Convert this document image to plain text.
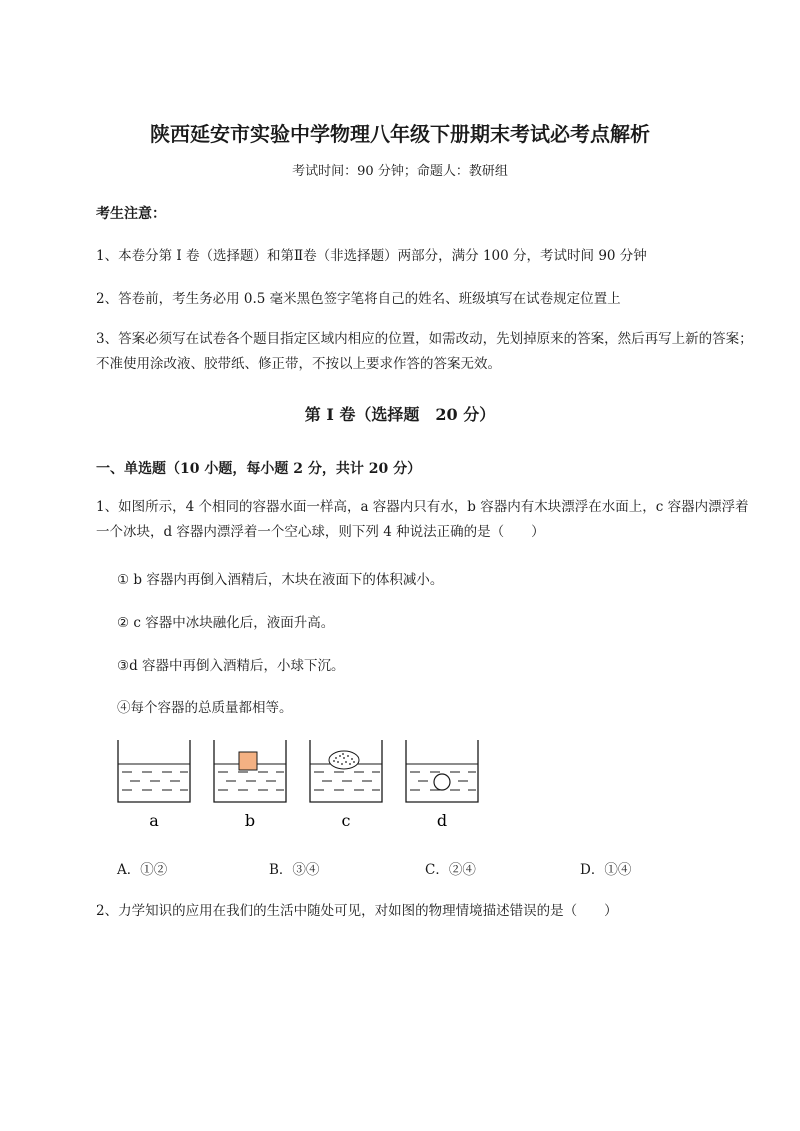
陕西延安市实验中学物理八年级下册期末考试必考点解析
考试时间：90 分钟；命题人：教研组
考生注意：
1、本卷分第 I 卷（选择题）和第Ⅱ卷（非选择题）两部分，满分 100 分，考试时间 90 分钟
2、答卷前，考生务必用 0.5 毫米黑色签字笔将自己的姓名、班级填写在试卷规定位置上
3、答案必须写在试卷各个题目指定区域内相应的位置，如需改动，先划掉原来的答案，然后再写上新的答案；不准使用涂改液、胶带纸、修正带，不按以上要求作答的答案无效。
第 I 卷（选择题　20 分）
一、单选题（10 小题，每小题 2 分，共计 20 分）
1、如图所示，4 个相同的容器水面一样高，a 容器内只有水，b 容器内有木块漂浮在水面上，c 容器内漂浮着一个冰块，d 容器内漂浮着一个空心球，则下列 4 种说法正确的是（　　）
① b 容器内再倒入酒精后，木块在液面下的体积减小。
② c 容器中冰块融化后，液面升高。
③d 容器中再倒入酒精后，小球下沉。
④每个容器的总质量都相等。
a	b	c	d
A．①②	B．③④	C．②④	D．①④
2、力学知识的应用在我们的生活中随处可见，对如图的物理情境描述错误的是（　　）
